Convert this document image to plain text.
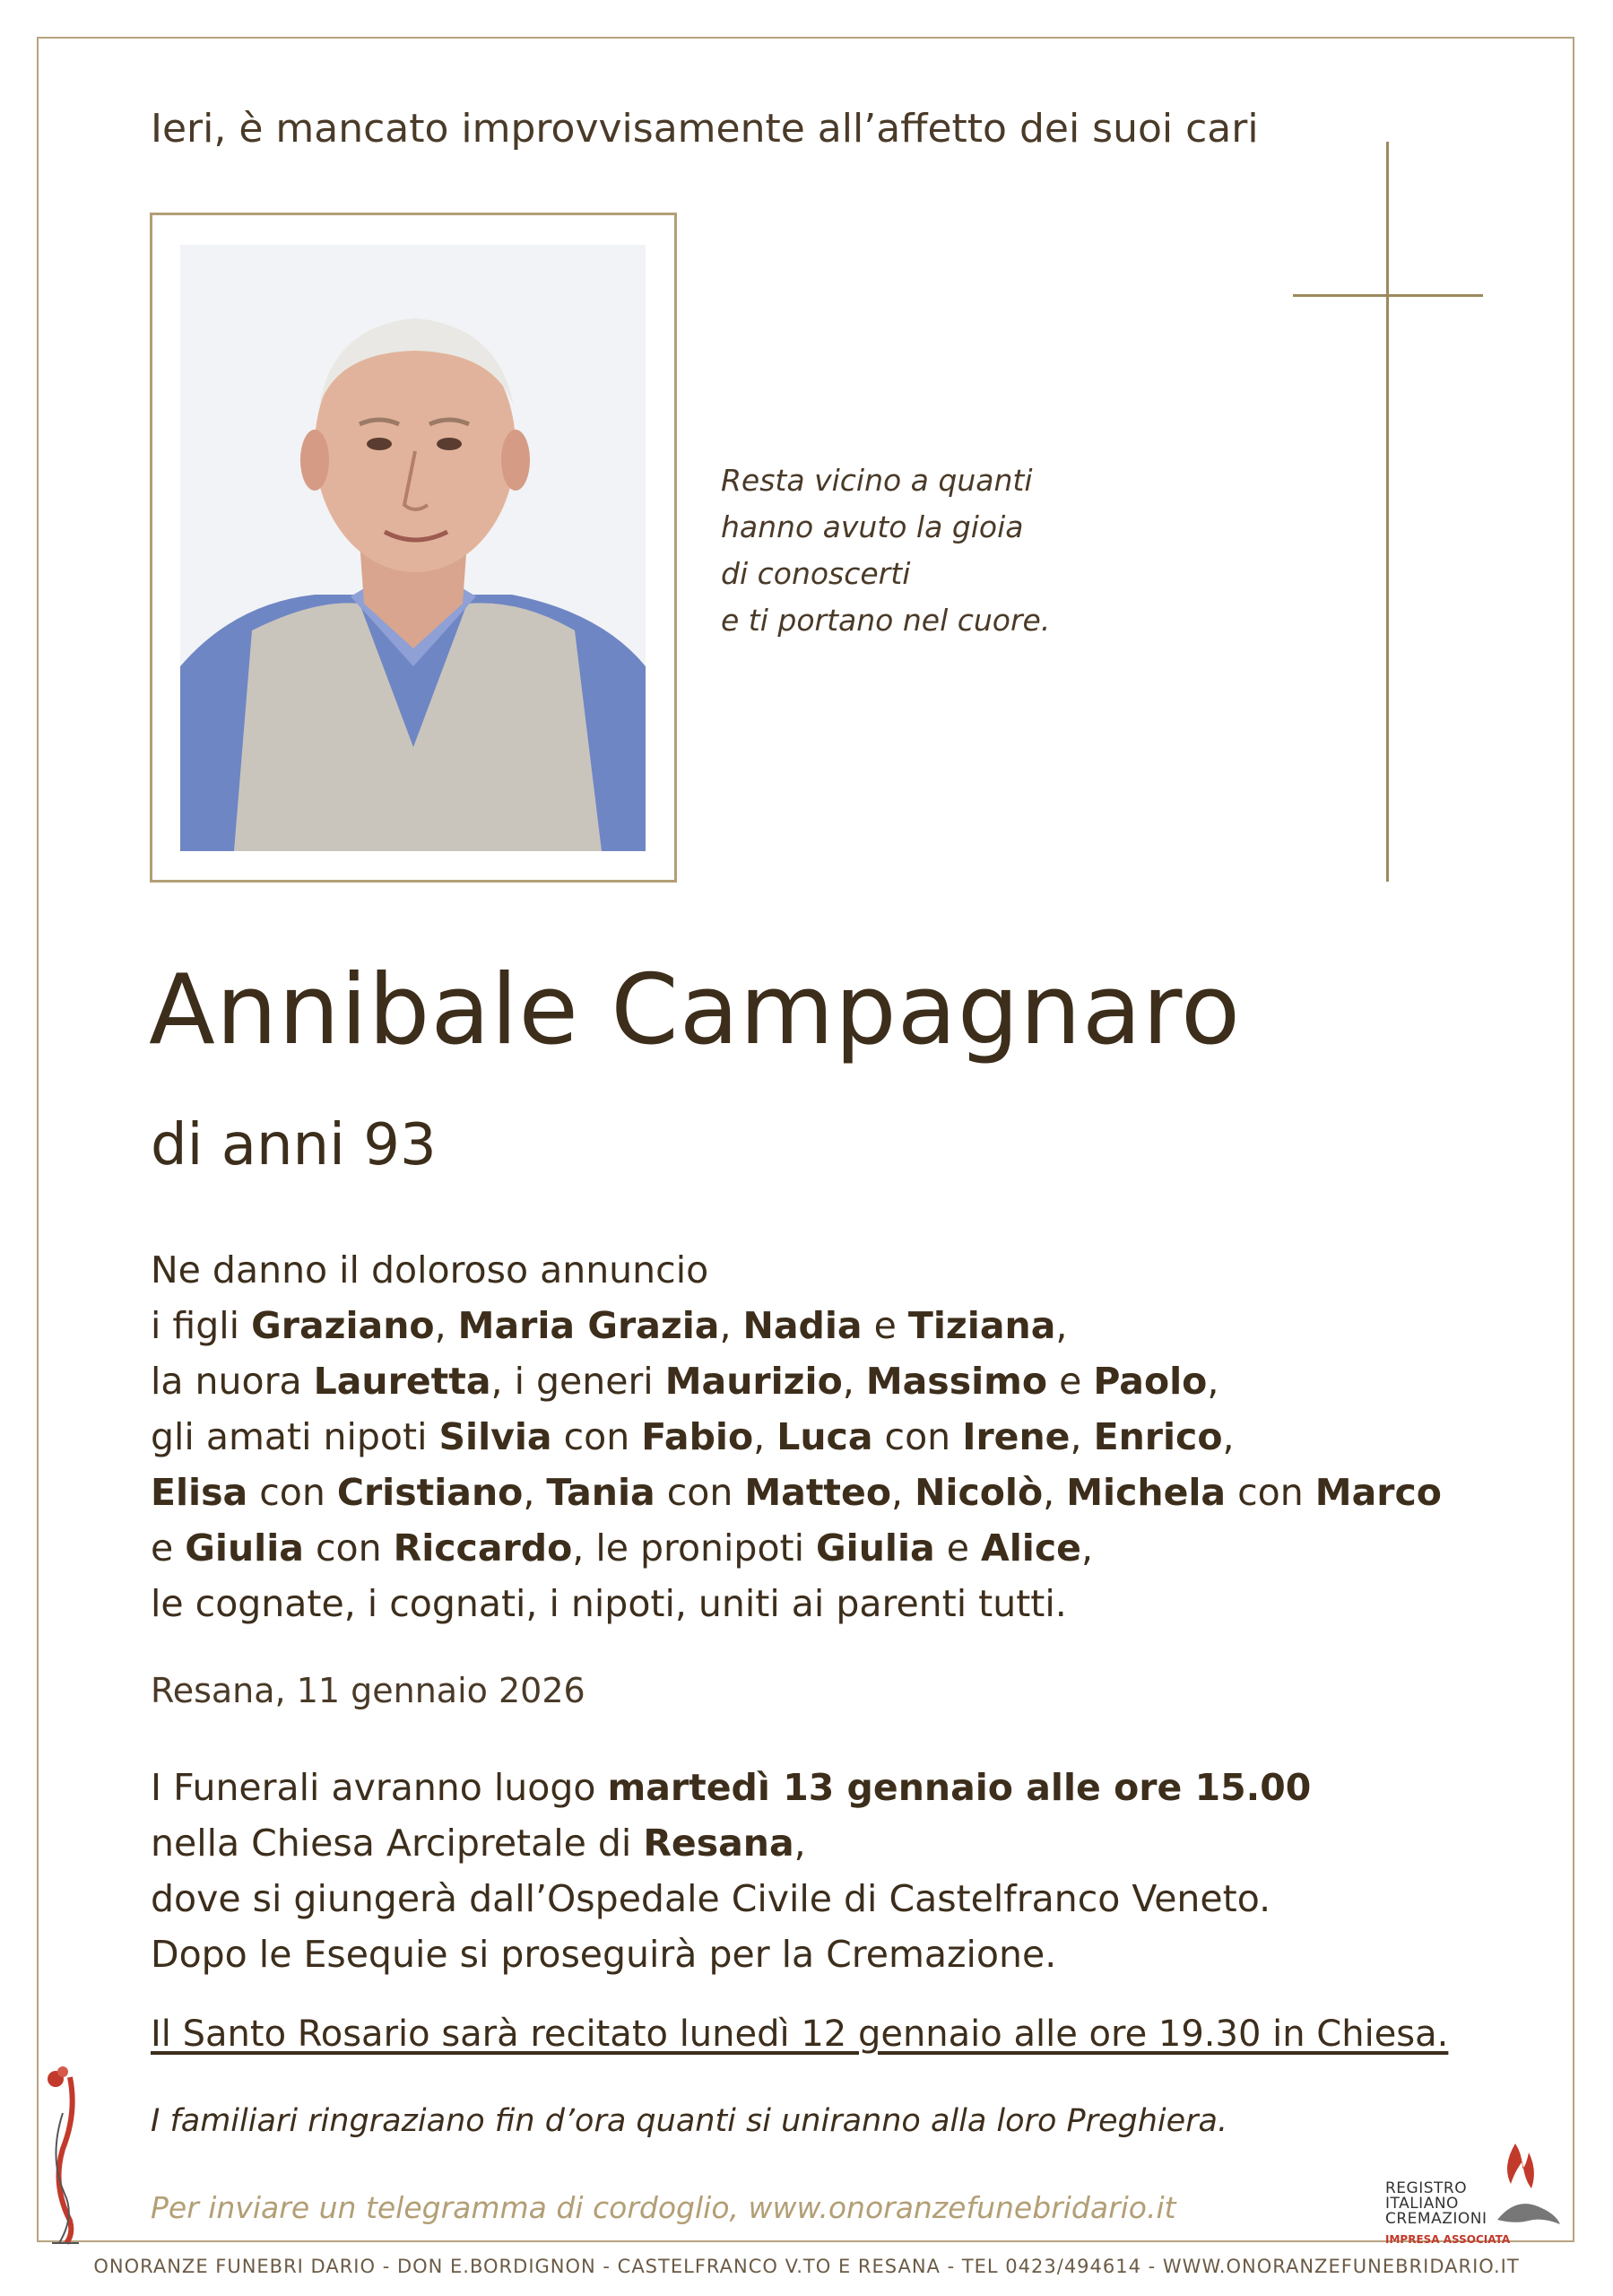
Ieri, è mancato improvvisamente all’affetto dei suoi cari
Resta vicino a quanti
hanno avuto la gioia
di conoscerti
e ti portano nel cuore.
Annibale Campagnaro
di anni 93
Ne danno il doloroso annuncio
i figli Graziano, Maria Grazia, Nadia e Tiziana,
la nuora Lauretta, i generi Maurizio, Massimo e Paolo,
gli amati nipoti Silvia con Fabio, Luca con Irene, Enrico,
Elisa con Cristiano, Tania con Matteo, Nicolò, Michela con Marco
e Giulia con Riccardo, le pronipoti Giulia e Alice,
le cognate, i cognati, i nipoti, uniti ai parenti tutti.
Resana, 11 gennaio 2026
I Funerali avranno luogo martedì 13 gennaio alle ore 15.00
nella Chiesa Arcipretale di Resana,
dove si giungerà dall’Ospedale Civile di Castelfranco Veneto.
Dopo le Esequie si proseguirà per la Cremazione.
Il Santo Rosario sarà recitato lunedì 12 gennaio alle ore 19.30 in Chiesa.
I familiari ringraziano fin d’ora quanti si uniranno alla loro Preghiera.
Per inviare un telegramma di cordoglio, www.onoranzefunebridario.it
ONORANZE FUNEBRI DARIO - DON E.BORDIGNON - CASTELFRANCO V.TO E RESANA - TEL 0423/494614 - WWW.ONORANZEFUNEBRIDARIO.IT
REGISTRO
ITALIANO
CREMAZIONI
IMPRESA ASSOCIATA
